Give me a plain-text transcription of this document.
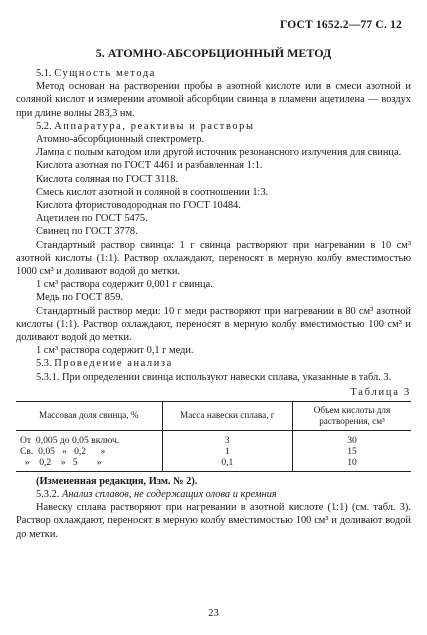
ГОСТ 1652.2—77 С. 12
5. АТОМНО-АБСОРБЦИОННЫЙ МЕТОД

5.1. Сущность метода

Метод основан на растворении пробы в азотной кислоте или в смеси азотной и соляной кислот и измерении атомной абсорбции свинца в пламени ацетилена — воздух при длине волны 283,3 нм.

5.2. Аппаратура, реактивы и растворы

Атомно-абсорбционный спектрометр.

Лампа с полым катодом или другой источник резонансного излучения для свинца.

Кислота азотная по ГОСТ 4461 и разбавленная 1:1.

Кислота соляная по ГОСТ 3118.

Смесь кислот азотной и соляной в соотношении 1:3.

Кислота фтористоводородная по ГОСТ 10484.

Ацетилен по ГОСТ 5475.

Свинец по ГОСТ 3778.

Стандартный раствор свинца: 1 г свинца растворяют при нагревании в 10 см³ азотной кислоты (1:1). Раствор охлаждают, переносят в мерную колбу вместимостью 1000 см³ и доливают водой до метки.

1 см³ раствора содержит 0,001 г свинца.

Медь по ГОСТ 859.

Стандартный раствор меди: 10 г меди растворяют при нагревании в 80 см³ азотной кислоты (1:1). Раствор охлаждают, переносят в мерную колбу вместимостью 100 см³ и доливают водой до метки.

1 см³ раствора содержит 0,1 г меди.

5.3. Проведение анализа

5.3.1. При определении свинца используют навески сплава, указанные в табл. 3.

Таблица 3
Массовая доля свинца, %	Масса навески сплава, г	Объем кислоты для растворения, см³
От  0,005 до 0,05 включ.	3	30
Св.  0,05   »   0,2      »	1	15
»    0,2    »   5        »	0,1	10

(Измененная редакция, Изм. № 2).

5.3.2. Анализ сплавов, не содержащих олова и кремния

Навеску сплава растворяют при нагревании в азотной кислоте (1:1) (см. табл. 3). Раствор охлаждают, переносят в мерную колбу вместимостью 100 см³ и доливают водой до метки.

23
